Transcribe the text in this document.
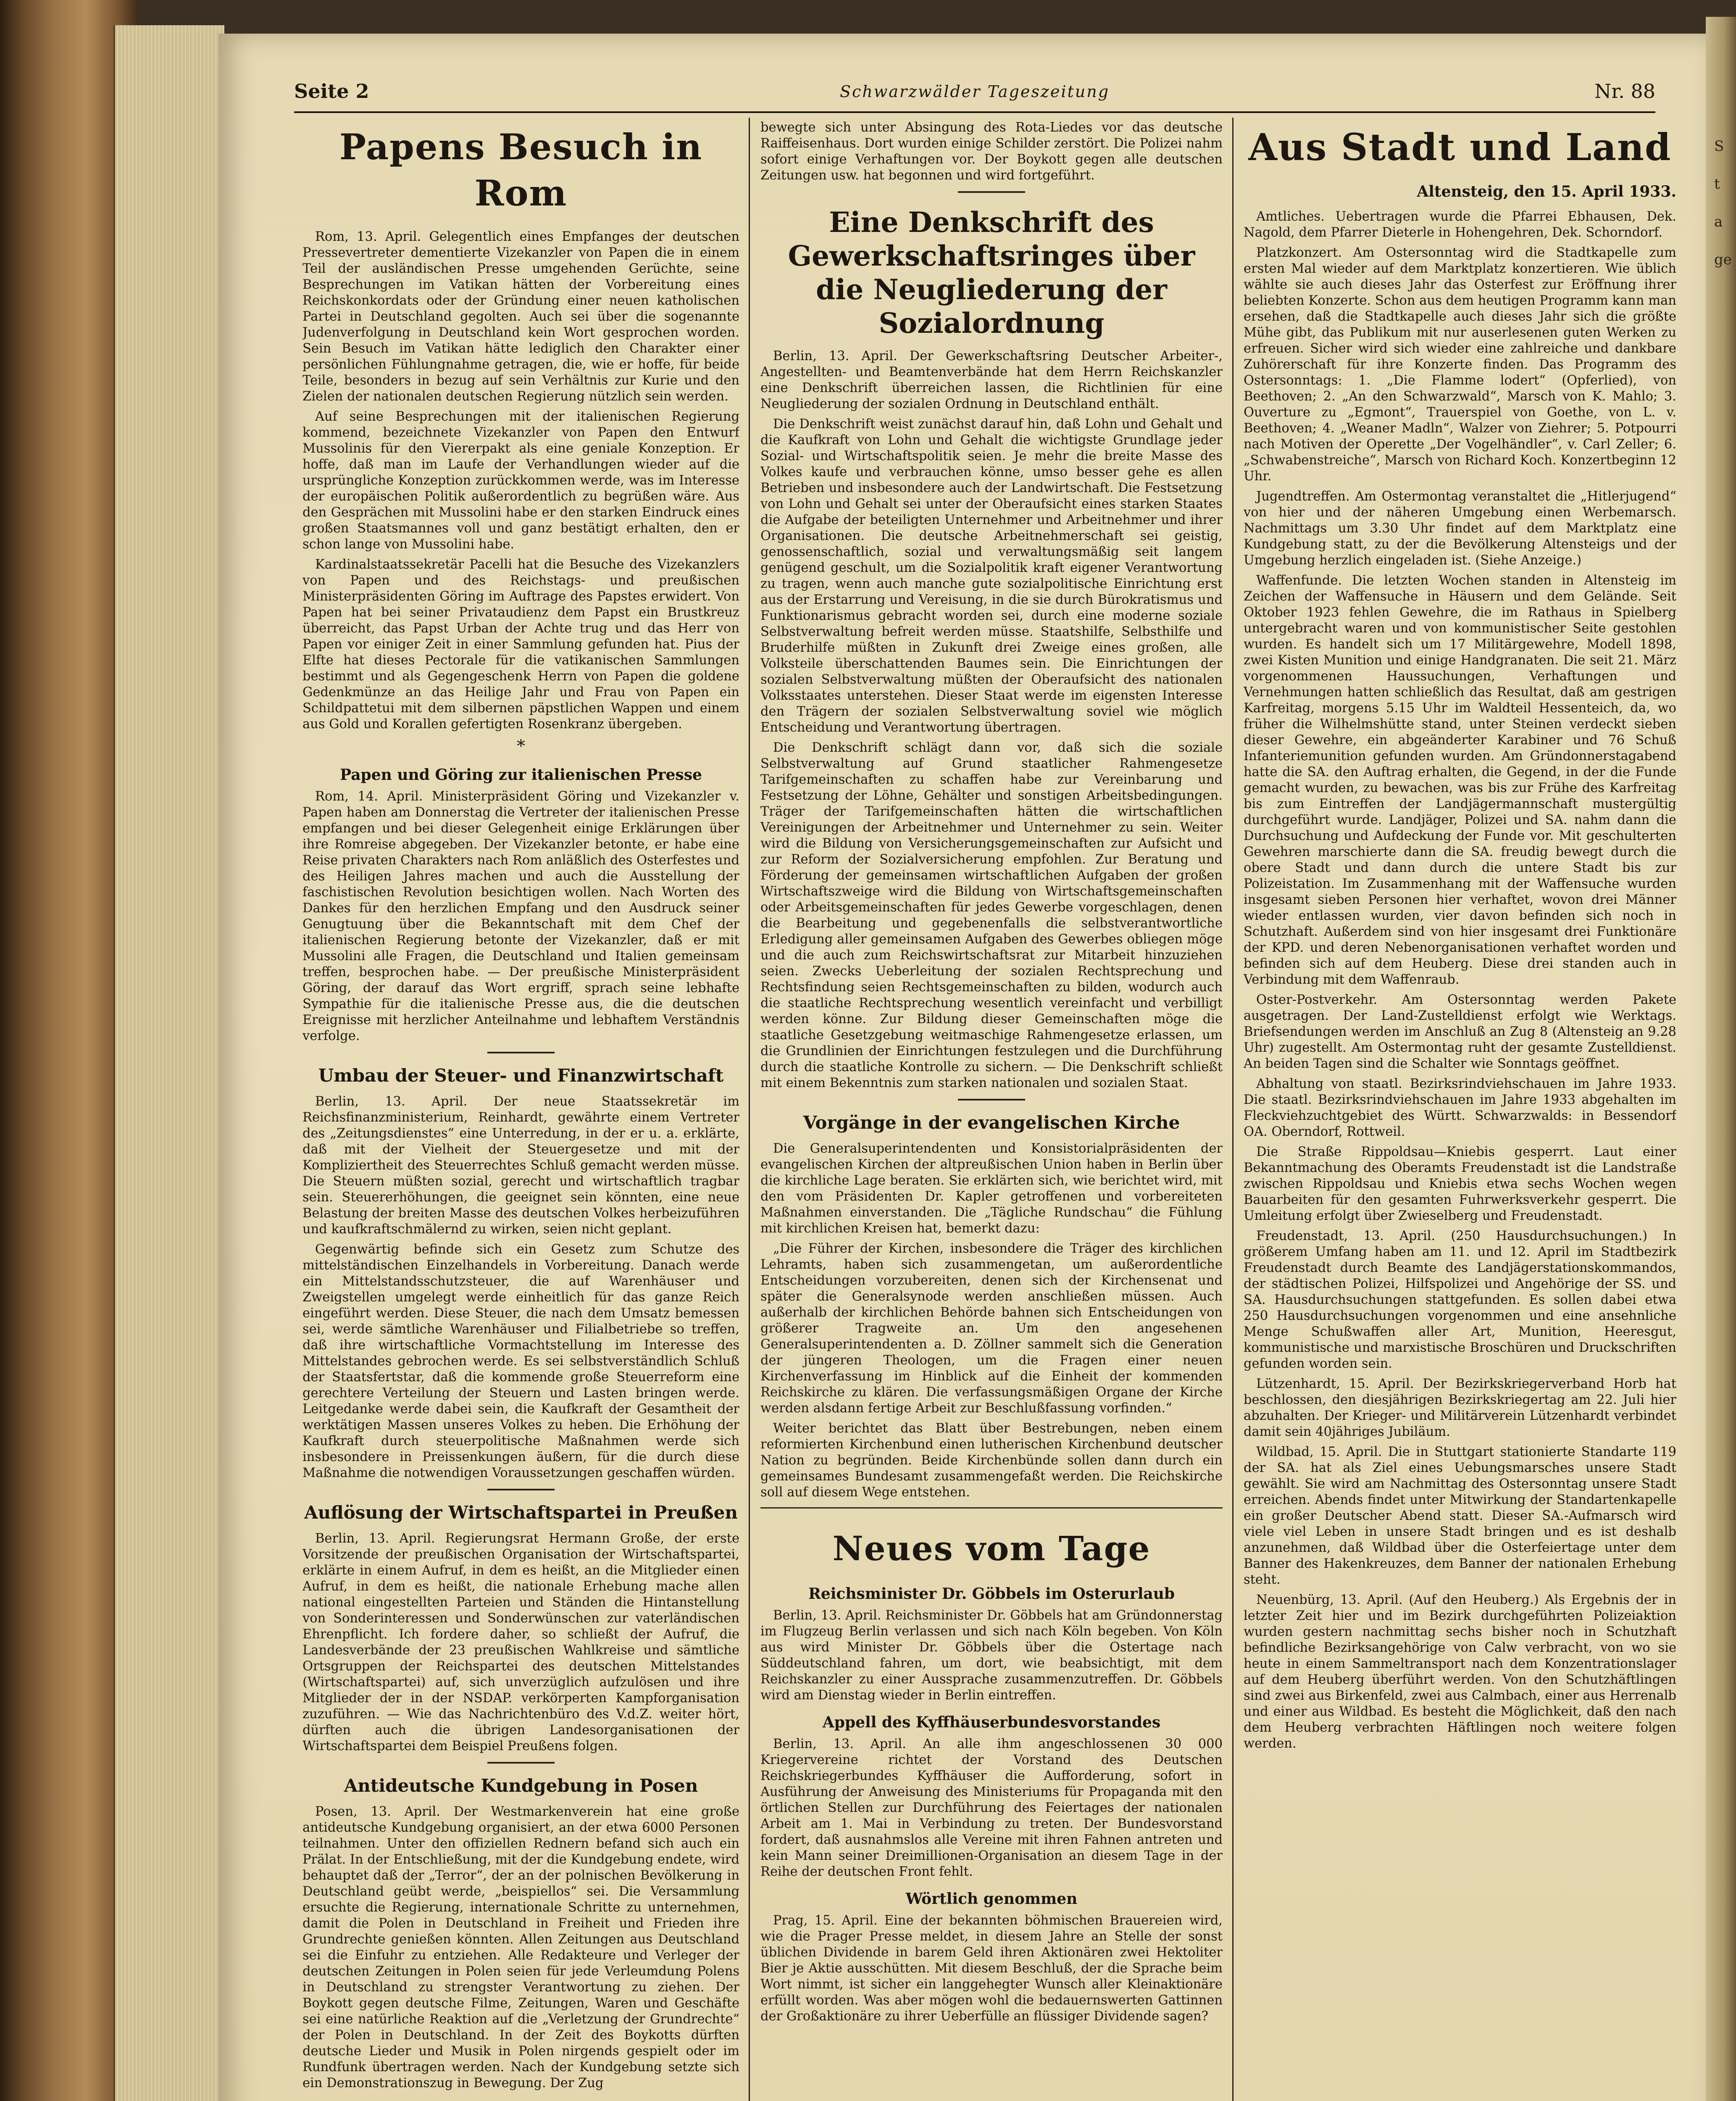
Seite 2	Schwarzwälder Tageszeitung	Nr. 88
Papens Besuch in Rom

Rom, 13. April. Gelegentlich eines Empfanges der deutschen Pressevertreter dementierte Vizekanzler von Papen die in einem Teil der ausländischen Presse umgehenden Gerüchte, seine Besprechungen im Vatikan hätten der Vorbereitung eines Reichskonkordats oder der Gründung einer neuen katholischen Partei in Deutschland gegolten. Auch sei über die sogenannte Judenverfolgung in Deutschland kein Wort gesprochen worden. Sein Besuch im Vatikan hätte lediglich den Charakter einer persönlichen Fühlungnahme getragen, die, wie er hoffe, für beide Teile, besonders in bezug auf sein Verhältnis zur Kurie und den Zielen der nationalen deutschen Regierung nützlich sein werden.

Auf seine Besprechungen mit der italienischen Regierung kommend, bezeichnete Vizekanzler von Papen den Entwurf Mussolinis für den Viererpakt als eine geniale Konzeption. Er hoffe, daß man im Laufe der Verhandlungen wieder auf die ursprüngliche Konzeption zurückkommen werde, was im Interesse der europäischen Politik außerordentlich zu begrüßen wäre. Aus den Gesprächen mit Mussolini habe er den starken Eindruck eines großen Staatsmannes voll und ganz bestätigt erhalten, den er schon lange von Mussolini habe.

Kardinalstaatssekretär Pacelli hat die Besuche des Vizekanzlers von Papen und des Reichstags- und preußischen Ministerpräsidenten Göring im Auftrage des Papstes erwidert. Von Papen hat bei seiner Privataudienz dem Papst ein Brustkreuz überreicht, das Papst Urban der Achte trug und das Herr von Papen vor einiger Zeit in einer Sammlung gefunden hat. Pius der Elfte hat dieses Pectorale für die vatikanischen Sammlungen bestimmt und als Gegengeschenk Herrn von Papen die goldene Gedenkmünze an das Heilige Jahr und Frau von Papen ein Schildpattetui mit dem silbernen päpstlichen Wappen und einem aus Gold und Korallen gefertigten Rosenkranz übergeben.

*
Papen und Göring zur italienischen Presse

Rom, 14. April. Ministerpräsident Göring und Vizekanzler v. Papen haben am Donnerstag die Vertreter der italienischen Presse empfangen und bei dieser Gelegenheit einige Erklärungen über ihre Romreise abgegeben. Der Vizekanzler betonte, er habe eine Reise privaten Charakters nach Rom anläßlich des Osterfestes und des Heiligen Jahres machen und auch die Ausstellung der faschistischen Revolution besichtigen wollen. Nach Worten des Dankes für den herzlichen Empfang und den Ausdruck seiner Genugtuung über die Bekanntschaft mit dem Chef der italienischen Regierung betonte der Vizekanzler, daß er mit Mussolini alle Fragen, die Deutschland und Italien gemeinsam treffen, besprochen habe. — Der preußische Ministerpräsident Göring, der darauf das Wort ergriff, sprach seine lebhafte Sympathie für die italienische Presse aus, die die deutschen Ereignisse mit herzlicher Anteilnahme und lebhaftem Verständnis verfolge.

Umbau der Steuer- und Finanzwirtschaft

Berlin, 13. April. Der neue Staatssekretär im Reichsfinanzministerium, Reinhardt, gewährte einem Vertreter des „Zeitungsdienstes“ eine Unterredung, in der er u. a. erklärte, daß mit der Vielheit der Steuergesetze und mit der Kompliziertheit des Steuerrechtes Schluß gemacht werden müsse. Die Steuern müßten sozial, gerecht und wirtschaftlich tragbar sein. Steuererhöhungen, die geeignet sein könnten, eine neue Belastung der breiten Masse des deutschen Volkes herbeizuführen und kaufkraftschmälernd zu wirken, seien nicht geplant.

Gegenwärtig befinde sich ein Gesetz zum Schutze des mittelständischen Einzelhandels in Vorbereitung. Danach werde ein Mittelstandsschutzsteuer, die auf Warenhäuser und Zweigstellen umgelegt werde einheitlich für das ganze Reich eingeführt werden. Diese Steuer, die nach dem Umsatz bemessen sei, werde sämtliche Warenhäuser und Filialbetriebe so treffen, daß ihre wirtschaftliche Vormachtstellung im Interesse des Mittelstandes gebrochen werde. Es sei selbstverständlich Schluß der Staatsfertstar, daß die kommende große Steuerreform eine gerechtere Verteilung der Steuern und Lasten bringen werde. Leitgedanke werde dabei sein, die Kaufkraft der Gesamtheit der werktätigen Massen unseres Volkes zu heben. Die Erhöhung der Kaufkraft durch steuerpolitische Maßnahmen werde sich insbesondere in Preissenkungen äußern, für die durch diese Maßnahme die notwendigen Voraussetzungen geschaffen würden.

Auflösung der Wirtschaftspartei in Preußen

Berlin, 13. April. Regierungsrat Hermann Große, der erste Vorsitzende der preußischen Organisation der Wirtschaftspartei, erklärte in einem Aufruf, in dem es heißt, an die Mitglieder einen Aufruf, in dem es heißt, die nationale Erhebung mache allen national eingestellten Parteien und Ständen die Hintanstellung von Sonderinteressen und Sonderwünschen zur vaterländischen Ehrenpflicht. Ich fordere daher, so schließt der Aufruf, die Landesverbände der 23 preußischen Wahlkreise und sämtliche Ortsgruppen der Reichspartei des deutschen Mittelstandes (Wirtschaftspartei) auf, sich unverzüglich aufzulösen und ihre Mitglieder der in der NSDAP. verkörperten Kampforganisation zuzuführen. — Wie das Nachrichtenbüro des V.d.Z. weiter hört, dürften auch die übrigen Landesorganisationen der Wirtschaftspartei dem Beispiel Preußens folgen.

Antideutsche Kundgebung in Posen

Posen, 13. April. Der Westmarkenverein hat eine große antideutsche Kundgebung organisiert, an der etwa 6000 Personen teilnahmen. Unter den offiziellen Rednern befand sich auch ein Prälat. In der Entschließung, mit der die Kundgebung endete, wird behauptet daß der „Terror“, der an der polnischen Bevölkerung in Deutschland geübt werde, „beispiellos“ sei. Die Versammlung ersuchte die Regierung, internationale Schritte zu unternehmen, damit die Polen in Deutschland in Freiheit und Frieden ihre Grundrechte genießen könnten. Allen Zeitungen aus Deutschland sei die Einfuhr zu entziehen. Alle Redakteure und Verleger der deutschen Zeitungen in Polen seien für jede Verleumdung Polens in Deutschland zu strengster Verantwortung zu ziehen. Der Boykott gegen deutsche Filme, Zeitungen, Waren und Geschäfte sei eine natürliche Reaktion auf die „Verletzung der Grundrechte“ der Polen in Deutschland. In der Zeit des Boykotts dürften deutsche Lieder und Musik in Polen nirgends gespielt oder im Rundfunk übertragen werden. Nach der Kundgebung setzte sich ein Demonstrationszug in Bewegung. Der Zug

bewegte sich unter Absingung des Rota-Liedes vor das deutsche Raiffeisenhaus. Dort wurden einige Schilder zerstört. Die Polizei nahm sofort einige Verhaftungen vor. Der Boykott gegen alle deutschen Zeitungen usw. hat begonnen und wird fortgeführt.

Eine Denkschrift des Gewerkschaftsringes über die Neugliederung der Sozialordnung

Berlin, 13. April. Der Gewerkschaftsring Deutscher Arbeiter-, Angestellten- und Beamtenverbände hat dem Herrn Reichskanzler eine Denkschrift überreichen lassen, die Richtlinien für eine Neugliederung der sozialen Ordnung in Deutschland enthält.

Die Denkschrift weist zunächst darauf hin, daß Lohn und Gehalt und die Kaufkraft von Lohn und Gehalt die wichtigste Grundlage jeder Sozial- und Wirtschaftspolitik seien. Je mehr die breite Masse des Volkes kaufe und verbrauchen könne, umso besser gehe es allen Betrieben und insbesondere auch der Landwirtschaft. Die Festsetzung von Lohn und Gehalt sei unter der Oberaufsicht eines starken Staates die Aufgabe der beteiligten Unternehmer und Arbeitnehmer und ihrer Organisationen. Die deutsche Arbeitnehmerschaft sei geistig, genossenschaftlich, sozial und verwaltungsmäßig seit langem genügend geschult, um die Sozialpolitik kraft eigener Verantwortung zu tragen, wenn auch manche gute sozialpolitische Einrichtung erst aus der Erstarrung und Vereisung, in die sie durch Bürokratismus und Funktionarismus gebracht worden sei, durch eine moderne soziale Selbstverwaltung befreit werden müsse. Staatshilfe, Selbsthilfe und Bruderhilfe müßten in Zukunft drei Zweige eines großen, alle Volksteile überschattenden Baumes sein. Die Einrichtungen der sozialen Selbstverwaltung müßten der Oberaufsicht des nationalen Volksstaates unterstehen. Dieser Staat werde im eigensten Interesse den Trägern der sozialen Selbstverwaltung soviel wie möglich Entscheidung und Verantwortung übertragen.

Die Denkschrift schlägt dann vor, daß sich die soziale Selbstverwaltung auf Grund staatlicher Rahmengesetze Tarifgemeinschaften zu schaffen habe zur Vereinbarung und Festsetzung der Löhne, Gehälter und sonstigen Arbeitsbedingungen. Träger der Tarifgemeinschaften hätten die wirtschaftlichen Vereinigungen der Arbeitnehmer und Unternehmer zu sein. Weiter wird die Bildung von Versicherungsgemeinschaften zur Aufsicht und zur Reform der Sozialversicherung empfohlen. Zur Beratung und Förderung der gemeinsamen wirtschaftlichen Aufgaben der großen Wirtschaftszweige wird die Bildung von Wirtschaftsgemeinschaften oder Arbeitsgemeinschaften für jedes Gewerbe vorgeschlagen, denen die Bearbeitung und gegebenenfalls die selbstverantwortliche Erledigung aller gemeinsamen Aufgaben des Gewerbes obliegen möge und die auch zum Reichswirtschaftsrat zur Mitarbeit hinzuziehen seien. Zwecks Ueberleitung der sozialen Rechtsprechung und Rechtsfindung seien Rechtsgemeinschaften zu bilden, wodurch auch die staatliche Rechtsprechung wesentlich vereinfacht und verbilligt werden könne. Zur Bildung dieser Gemeinschaften möge die staatliche Gesetzgebung weitmaschige Rahmengesetze erlassen, um die Grundlinien der Einrichtungen festzulegen und die Durchführung durch die staatliche Kontrolle zu sichern. — Die Denkschrift schließt mit einem Bekenntnis zum starken nationalen und sozialen Staat.

Vorgänge in der evangelischen Kirche

Die Generalsuperintendenten und Konsistorialpräsidenten der evangelischen Kirchen der altpreußischen Union haben in Berlin über die kirchliche Lage beraten. Sie erklärten sich, wie berichtet wird, mit den vom Präsidenten Dr. Kapler getroffenen und vorbereiteten Maßnahmen einverstanden. Die „Tägliche Rundschau“ die Fühlung mit kirchlichen Kreisen hat, bemerkt dazu:

„Die Führer der Kirchen, insbesondere die Träger des kirchlichen Lehramts, haben sich zusammengetan, um außerordentliche Entscheidungen vorzubereiten, denen sich der Kirchensenat und später die Generalsynode werden anschließen müssen. Auch außerhalb der kirchlichen Behörde bahnen sich Entscheidungen von größerer Tragweite an. Um den angesehenen Generalsuperintendenten a. D. Zöllner sammelt sich die Generation der jüngeren Theologen, um die Fragen einer neuen Kirchenverfassung im Hinblick auf die Einheit der kommenden Reichskirche zu klären. Die verfassungsmäßigen Organe der Kirche werden alsdann fertige Arbeit zur Beschlußfassung vorfinden.“

Weiter berichtet das Blatt über Bestrebungen, neben einem reformierten Kirchenbund einen lutherischen Kirchenbund deutscher Nation zu begründen. Beide Kirchenbünde sollen dann durch ein gemeinsames Bundesamt zusammengefaßt werden. Die Reichskirche soll auf diesem Wege entstehen.

Neues vom Tage
Reichsminister Dr. Göbbels im Osterurlaub

Berlin, 13. April. Reichsminister Dr. Göbbels hat am Gründonnerstag im Flugzeug Berlin verlassen und sich nach Köln begeben. Von Köln aus wird Minister Dr. Göbbels über die Ostertage nach Süddeutschland fahren, um dort, wie beabsichtigt, mit dem Reichskanzler zu einer Aussprache zusammenzutreffen. Dr. Göbbels wird am Dienstag wieder in Berlin eintreffen.

Appell des Kyffhäuserbundesvorstandes

Berlin, 13. April. An alle ihm angeschlossenen 30 000 Kriegervereine richtet der Vorstand des Deutschen Reichskriegerbundes Kyffhäuser die Aufforderung, sofort in Ausführung der Anweisung des Ministeriums für Propaganda mit den örtlichen Stellen zur Durchführung des Feiertages der nationalen Arbeit am 1. Mai in Verbindung zu treten. Der Bundesvorstand fordert, daß ausnahmslos alle Vereine mit ihren Fahnen antreten und kein Mann seiner Dreimillionen-Organisation an diesem Tage in der Reihe der deutschen Front fehlt.

Wörtlich genommen

Prag, 15. April. Eine der bekannten böhmischen Brauereien wird, wie die Prager Presse meldet, in diesem Jahre an Stelle der sonst üblichen Dividende in barem Geld ihren Aktionären zwei Hektoliter Bier je Aktie ausschütten. Mit diesem Beschluß, der die Sprache beim Wort nimmt, ist sicher ein langgehegter Wunsch aller Kleinaktionäre erfüllt worden. Was aber mögen wohl die bedauernswerten Gattinnen der Großaktionäre zu ihrer Ueberfülle an flüssiger Dividende sagen?

Aus Stadt und Land
Altensteig, den 15. April 1933.

Amtliches. Uebertragen wurde die Pfarrei Ebhausen, Dek. Nagold, dem Pfarrer Dieterle in Hohengehren, Dek. Schorndorf.

Platzkonzert. Am Ostersonntag wird die Stadtkapelle zum ersten Mal wieder auf dem Marktplatz konzertieren. Wie üblich wählte sie auch dieses Jahr das Osterfest zur Eröffnung ihrer beliebten Konzerte. Schon aus dem heutigen Programm kann man ersehen, daß die Stadtkapelle auch dieses Jahr sich die größte Mühe gibt, das Publikum mit nur auserlesenen guten Werken zu erfreuen. Sicher wird sich wieder eine zahlreiche und dankbare Zuhörerschaft für ihre Konzerte finden. Das Programm des Ostersonntags: 1. „Die Flamme lodert“ (Opferlied), von Beethoven; 2. „An den Schwarzwald“, Marsch von K. Mahlo; 3. Ouverture zu „Egmont“, Trauerspiel von Goethe, von L. v. Beethoven; 4. „Weaner Madln“, Walzer von Ziehrer; 5. Potpourri nach Motiven der Operette „Der Vogelhändler“, v. Carl Zeller; 6. „Schwabenstreiche“, Marsch von Richard Koch. Konzertbeginn 12 Uhr.

Jugendtreffen. Am Ostermontag veranstaltet die „Hitlerjugend“ von hier und der näheren Umgebung einen Werbemarsch. Nachmittags um 3.30 Uhr findet auf dem Marktplatz eine Kundgebung statt, zu der die Bevölkerung Altensteigs und der Umgebung herzlich eingeladen ist. (Siehe Anzeige.)

Waffenfunde. Die letzten Wochen standen in Altensteig im Zeichen der Waffensuche in Häusern und dem Gelände. Seit Oktober 1923 fehlen Gewehre, die im Rathaus in Spielberg untergebracht waren und von kommunistischer Seite gestohlen wurden. Es handelt sich um 17 Militärgewehre, Modell 1898, zwei Kisten Munition und einige Handgranaten. Die seit 21. März vorgenommenen Haussuchungen, Verhaftungen und Vernehmungen hatten schließlich das Resultat, daß am gestrigen Karfreitag, morgens 5.15 Uhr im Waldteil Hessenteich, da, wo früher die Wilhelmshütte stand, unter Steinen verdeckt sieben dieser Gewehre, ein abgeänderter Karabiner und 76 Schuß Infanteriemunition gefunden wurden. Am Gründonnerstagabend hatte die SA. den Auftrag erhalten, die Gegend, in der die Funde gemacht wurden, zu bewachen, was bis zur Frühe des Karfreitag bis zum Eintreffen der Landjägermannschaft mustergültig durchgeführt wurde. Landjäger, Polizei und SA. nahm dann die Durchsuchung und Aufdeckung der Funde vor. Mit geschulterten Gewehren marschierte dann die SA. freudig bewegt durch die obere Stadt und dann durch die untere Stadt bis zur Polizeistation. Im Zusammenhang mit der Waffensuche wurden insgesamt sieben Personen hier verhaftet, wovon drei Männer wieder entlassen wurden, vier davon befinden sich noch in Schutzhaft. Außerdem sind von hier insgesamt drei Funktionäre der KPD. und deren Nebenorganisationen verhaftet worden und befinden sich auf dem Heuberg. Diese drei standen auch in Verbindung mit dem Waffenraub.

Oster-Postverkehr. Am Ostersonntag werden Pakete ausgetragen. Der Land-Zustelldienst erfolgt wie Werktags. Briefsendungen werden im Anschluß an Zug 8 (Altensteig an 9.28 Uhr) zugestellt. Am Ostermontag ruht der gesamte Zustelldienst. An beiden Tagen sind die Schalter wie Sonntags geöffnet.

Abhaltung von staatl. Bezirksrindviehschauen im Jahre 1933. Die staatl. Bezirksrindviehschauen im Jahre 1933 abgehalten im Fleckviehzuchtgebiet des Württ. Schwarzwalds: in Bessendorf OA. Oberndorf, Rottweil.

Die Straße Rippoldsau—Kniebis gesperrt. Laut einer Bekanntmachung des Oberamts Freudenstadt ist die Landstraße zwischen Rippoldsau und Kniebis etwa sechs Wochen wegen Bauarbeiten für den gesamten Fuhrwerksverkehr gesperrt. Die Umleitung erfolgt über Zwieselberg und Freudenstadt.

Freudenstadt, 13. April. (250 Hausdurchsuchungen.) In größerem Umfang haben am 11. und 12. April im Stadtbezirk Freudenstadt durch Beamte des Landjägerstationskommandos, der städtischen Polizei, Hilfspolizei und Angehörige der SS. und SA. Hausdurchsuchungen stattgefunden. Es sollen dabei etwa 250 Hausdurchsuchungen vorgenommen und eine ansehnliche Menge Schußwaffen aller Art, Munition, Heeresgut, kommunistische und marxistische Broschüren und Druckschriften gefunden worden sein.

Lützenhardt, 15. April. Der Bezirkskriegerverband Horb hat beschlossen, den diesjährigen Bezirkskriegertag am 22. Juli hier abzuhalten. Der Krieger- und Militärverein Lützenhardt verbindet damit sein 40jähriges Jubiläum.

Wildbad, 15. April. Die in Stuttgart stationierte Standarte 119 der SA. hat als Ziel eines Uebungsmarsches unsere Stadt gewählt. Sie wird am Nachmittag des Ostersonntag unsere Stadt erreichen. Abends findet unter Mitwirkung der Standartenkapelle ein großer Deutscher Abend statt. Dieser SA.-Aufmarsch wird viele viel Leben in unsere Stadt bringen und es ist deshalb anzunehmen, daß Wildbad über die Osterfeiertage unter dem Banner des Hakenkreuzes, dem Banner der nationalen Erhebung steht.

Neuenbürg, 13. April. (Auf den Heuberg.) Als Ergebnis der in letzter Zeit hier und im Bezirk durchgeführten Polizeiaktion wurden gestern nachmittag sechs bisher noch in Schutzhaft befindliche Bezirksangehörige von Calw verbracht, von wo sie heute in einem Sammeltransport nach dem Konzentrationslager auf dem Heuberg überführt werden. Von den Schutzhäftlingen sind zwei aus Birkenfeld, zwei aus Calmbach, einer aus Herrenalb und einer aus Wildbad. Es besteht die Möglichkeit, daß den nach dem Heuberg verbrachten Häftlingen noch weitere folgen werden.

S
t
a
ge
